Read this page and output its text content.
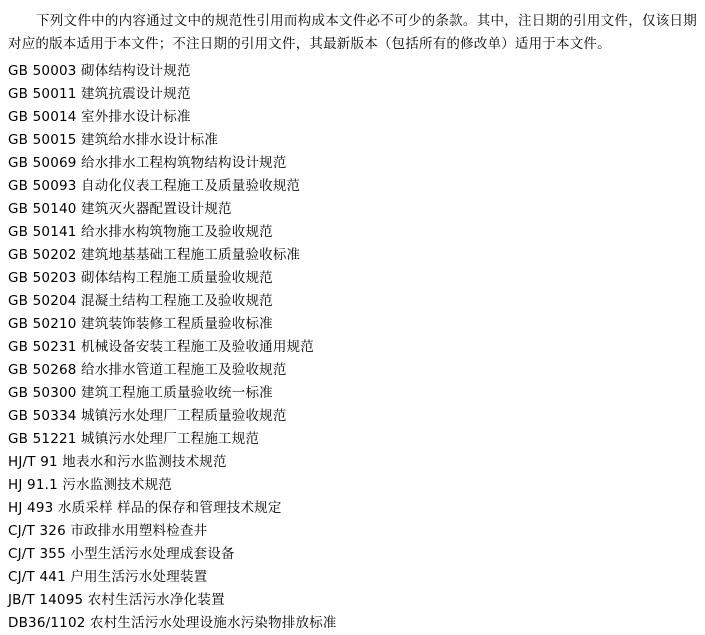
下列文件中的内容通过文中的规范性引用而构成本文件必不可少的条款。其中，注日期的引用文件，仅该日期对应的版本适用于本文件；不注日期的引用文件，其最新版本（包括所有的修改单）适用于本文件。

GB 50003 砌体结构设计规范
GB 50011 建筑抗震设计规范
GB 50014 室外排水设计标准
GB 50015 建筑给水排水设计标准
GB 50069 给水排水工程构筑物结构设计规范
GB 50093 自动化仪表工程施工及质量验收规范
GB 50140 建筑灭火器配置设计规范
GB 50141 给水排水构筑物施工及验收规范
GB 50202 建筑地基基础工程施工质量验收标准
GB 50203 砌体结构工程施工质量验收规范
GB 50204 混凝土结构工程施工及验收规范
GB 50210 建筑装饰装修工程质量验收标准
GB 50231 机械设备安装工程施工及验收通用规范
GB 50268 给水排水管道工程施工及验收规范
GB 50300 建筑工程施工质量验收统一标准
GB 50334 城镇污水处理厂工程质量验收规范
GB 51221 城镇污水处理厂工程施工规范
HJ/T 91 地表水和污水监测技术规范
HJ 91.1 污水监测技术规范
HJ 493 水质采样 样品的保存和管理技术规定
CJ/T 326 市政排水用塑料检查井
CJ/T 355 小型生活污水处理成套设备
CJ/T 441 户用生活污水处理装置
JB/T 14095 农村生活污水净化装置
DB36/1102 农村生活污水处理设施水污染物排放标准
